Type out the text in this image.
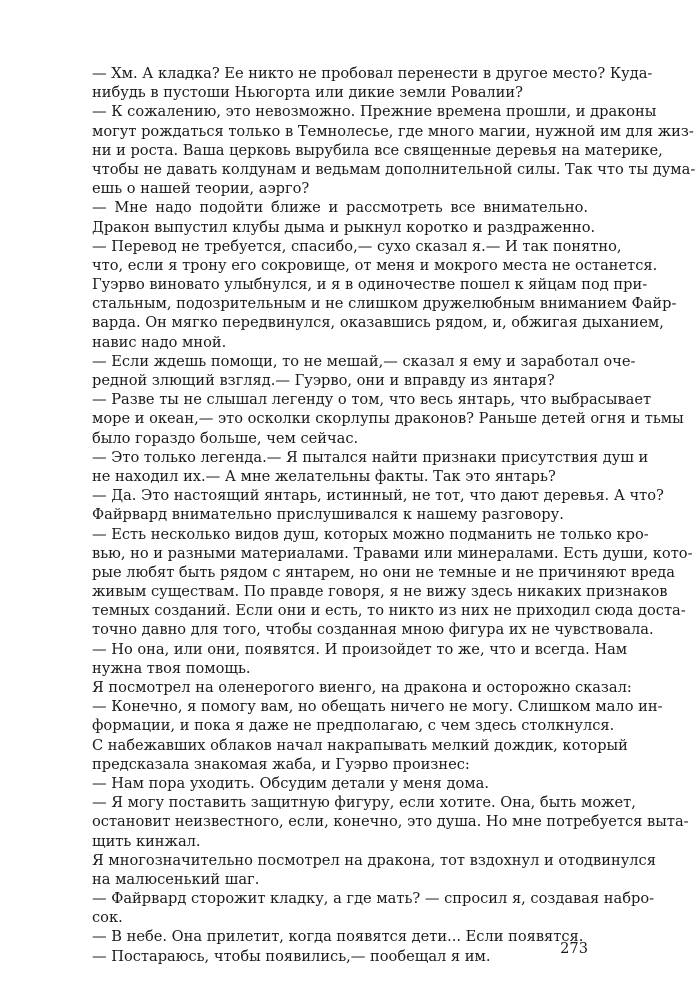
— Хм. А кладка? Ее никто не пробовал перенести в другое место? Куда-
нибудь в пустоши Ньюгорта или дикие земли Ровалии?
— К сожалению, это невозможно. Прежние времена прошли, и драконы
могут рождаться только в Темнолесье, где много магии, нужной им для жиз-
ни и роста. Ваша церковь вырубила все священные деревья на материке,
чтобы не давать колдунам и ведьмам дополнительной силы. Так что ты дума-
ешь о нашей теории, аэрго?
— Мне надо подойти ближе и рассмотреть все внимательно.
Дракон выпустил клубы дыма и рыкнул коротко и раздраженно.
— Перевод не требуется, спасибо,— сухо сказал я.— И так понятно,
что, если я трону его сокровище, от меня и мокрого места не останется.
Гуэрво виновато улыбнулся, и я в одиночестве пошел к яйцам под при-
стальным, подозрительным и не слишком дружелюбным вниманием Файр-
варда. Он мягко передвинулся, оказавшись рядом, и, обжигая дыханием,
навис надо мной.
— Если ждешь помощи, то не мешай,— сказал я ему и заработал оче-
редной злющий взгляд.— Гуэрво, они и вправду из янтаря?
— Разве ты не слышал легенду о том, что весь янтарь, что выбрасывает
море и океан,— это осколки скорлупы драконов? Раньше детей огня и тьмы
было гораздо больше, чем сейчас.
— Это только легенда.— Я пытался найти признаки присутствия душ и
не находил их.— А мне желательны факты. Так это янтарь?
— Да. Это настоящий янтарь, истинный, не тот, что дают деревья. А что?
Файрвард внимательно прислушивался к нашему разговору.
— Есть несколько видов душ, которых можно подманить не только кро-
вью, но и разными материалами. Травами или минералами. Есть души, кото-
рые любят быть рядом с янтарем, но они не темные и не причиняют вреда
живым существам. По правде говоря, я не вижу здесь никаких признаков
темных созданий. Если они и есть, то никто из них не приходил сюда доста-
точно давно для того, чтобы созданная мною фигура их не чувствовала.
— Но она, или они, появятся. И произойдет то же, что и всегда. Нам
нужна твоя помощь.
Я посмотрел на оленерогого виенго, на дракона и осторожно сказал:
— Конечно, я помогу вам, но обещать ничего не могу. Слишком мало ин-
формации, и пока я даже не предполагаю, с чем здесь столкнулся.
С набежавших облаков начал накрапывать мелкий дождик, который
предсказала знакомая жаба, и Гуэрво произнес:
— Нам пора уходить. Обсудим детали у меня дома.
— Я могу поставить защитную фигуру, если хотите. Она, быть может,
остановит неизвестного, если, конечно, это душа. Но мне потребуется выта-
щить кинжал.
Я многозначительно посмотрел на дракона, тот вздохнул и отодвинулся
на малюсенький шаг.
— Файрвард сторожит кладку, а где мать? — спросил я, создавая набро-
сок.
— В небе. Она прилетит, когда появятся дети... Если появятся.
— Постараюсь, чтобы появились,— пообещал я им.	273
